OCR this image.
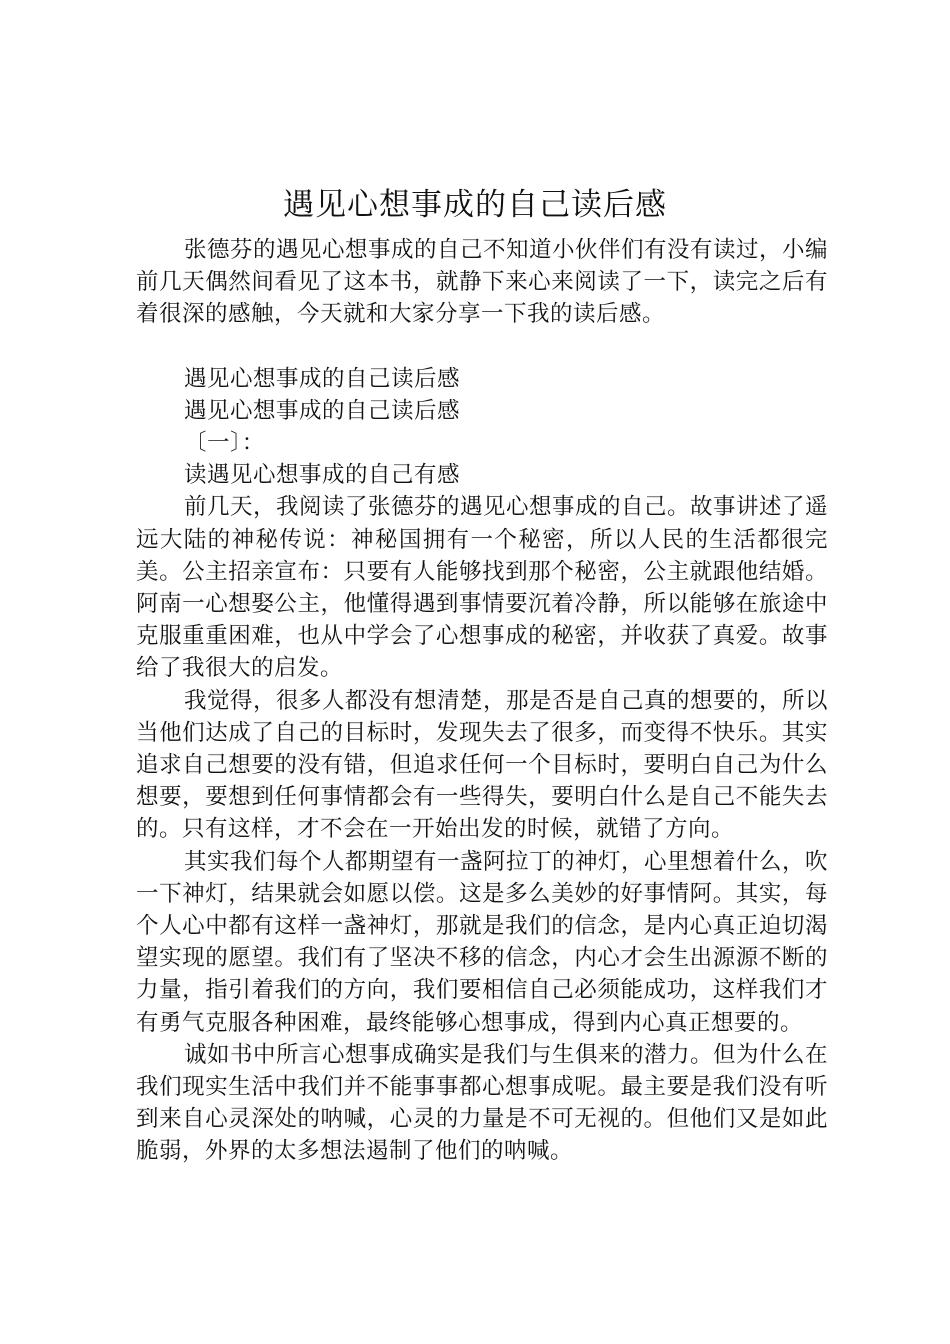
遇见心想事成的自己读后感

张德芬的遇见心想事成的自己不知道小伙伴们有没有读过，小编前几天偶然间看见了这本书，就静下来心来阅读了一下，读完之后有着很深的感触，今天就和大家分享一下我的读后感。

遇见心想事成的自己读后感

遇见心想事成的自己读后感

〔一〕：

读遇见心想事成的自己有感

前几天，我阅读了张德芬的遇见心想事成的自己。故事讲述了遥远大陆的神秘传说：神秘国拥有一个秘密，所以人民的生活都很完美。公主招亲宣布：只要有人能够找到那个秘密，公主就跟他结婚。阿南一心想娶公主，他懂得遇到事情要沉着冷静，所以能够在旅途中克服重重困难，也从中学会了心想事成的秘密，并收获了真爱。故事给了我很大的启发。

我觉得，很多人都没有想清楚，那是否是自己真的想要的，所以当他们达成了自己的目标时，发现失去了很多，而变得不快乐。其实追求自己想要的没有错，但追求任何一个目标时，要明白自己为什么想要，要想到任何事情都会有一些得失，要明白什么是自己不能失去的。只有这样，才不会在一开始出发的时候，就错了方向。

其实我们每个人都期望有一盏阿拉丁的神灯，心里想着什么，吹一下神灯，结果就会如愿以偿。这是多么美妙的好事情阿。其实，每个人心中都有这样一盏神灯，那就是我们的信念，是内心真正迫切渴望实现的愿望。我们有了坚决不移的信念，内心才会生出源源不断的力量，指引着我们的方向，我们要相信自己必须能成功，这样我们才有勇气克服各种困难，最终能够心想事成，得到内心真正想要的。

诚如书中所言心想事成确实是我们与生俱来的潜力。但为什么在我们现实生活中我们并不能事事都心想事成呢。最主要是我们没有听到来自心灵深处的呐喊，心灵的力量是不可无视的。但他们又是如此脆弱，外界的太多想法遏制了他们的呐喊。
